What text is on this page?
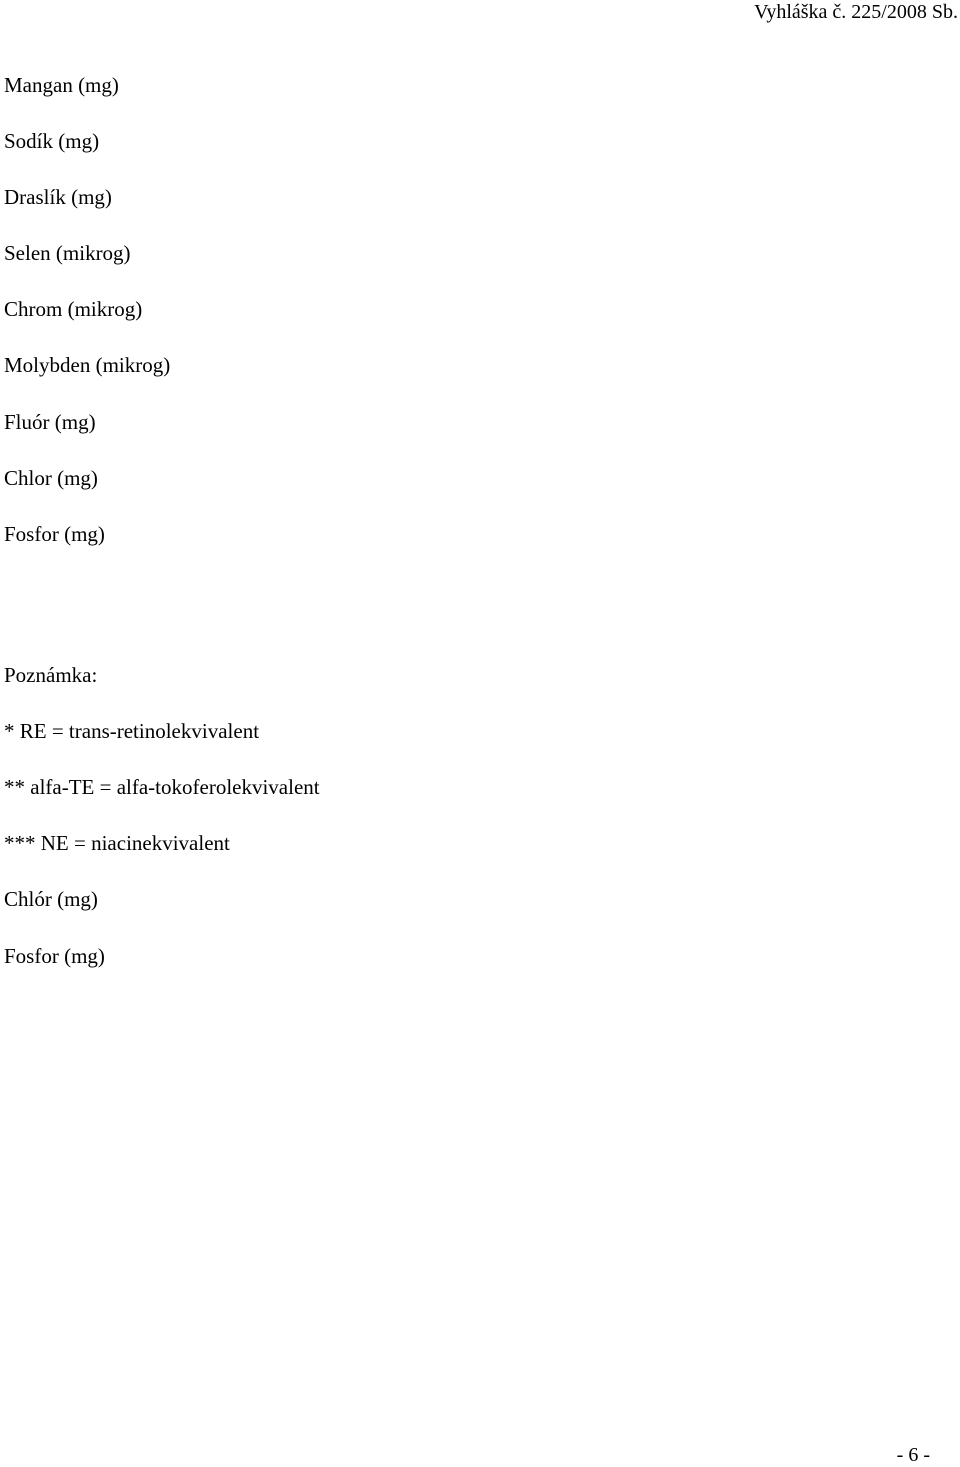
Vyhláška č. 225/2008 Sb.
Mangan (mg)
Sodík (mg)
Draslík (mg)
Selen (mikrog)
Chrom (mikrog)
Molybden (mikrog)
Fluór (mg)
Chlor (mg)
Fosfor (mg)
Poznámka:
* RE = trans-retinolekvivalent
** alfa-TE = alfa-tokoferolekvivalent
*** NE = niacinekvivalent
Chlór (mg)
Fosfor (mg)
- 6 -
